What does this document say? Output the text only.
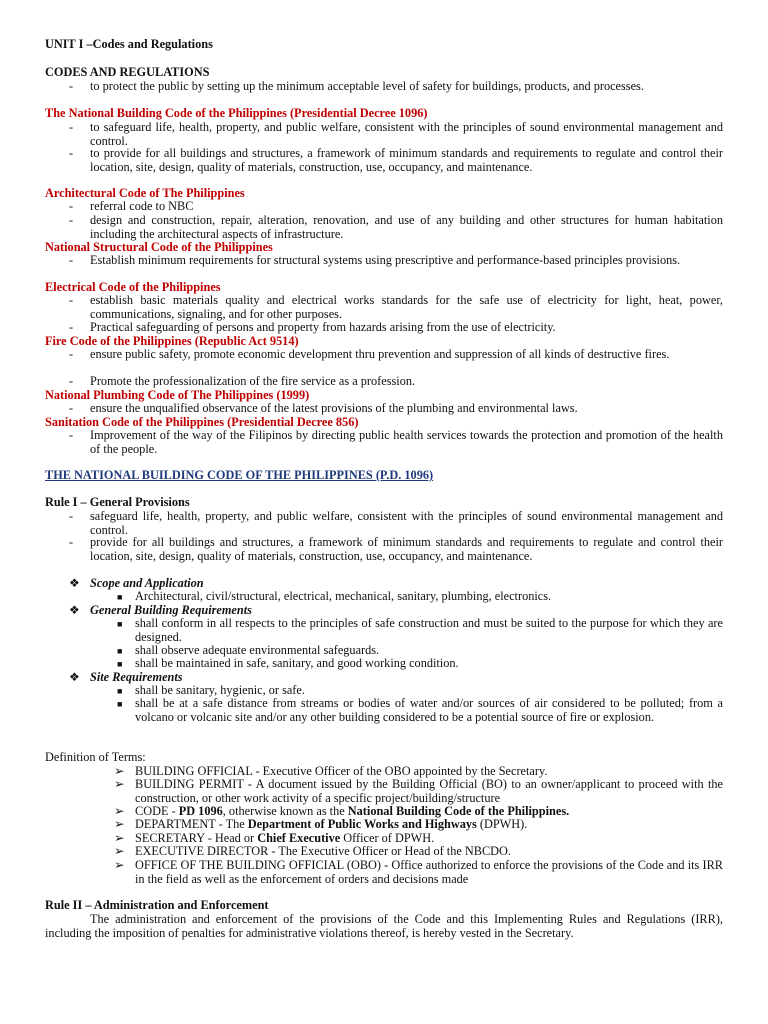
UNIT I –Codes and Regulations
CODES AND REGULATIONS
- to protect the public by setting up the minimum acceptable level of safety for buildings, products, and processes.
The National Building Code of the Philippines (Presidential Decree 1096)
- to safeguard life, health, property, and public welfare, consistent with the principles of sound environmental management and control.
- to provide for all buildings and structures, a framework of minimum standards and requirements to regulate and control their location, site, design, quality of materials, construction, use, occupancy, and maintenance.
Architectural Code of The Philippines
- referral code to NBC
- design and construction, repair, alteration, renovation, and use of any building and other structures for human habitation including the architectural aspects of infrastructure.
National Structural Code of the Philippines
- Establish minimum requirements for structural systems using prescriptive and performance-based principles provisions.
Electrical Code of the Philippines
- establish basic materials quality and electrical works standards for the safe use of electricity for light, heat, power, communications, signaling, and for other purposes.
- Practical safeguarding of persons and property from hazards arising from the use of electricity.
Fire Code of the Philippines (Republic Act 9514)
- ensure public safety, promote economic development thru prevention and suppression of all kinds of destructive fires.
- Promote the professionalization of the fire service as a profession.
National Plumbing Code of The Philippines (1999)
- ensure the unqualified observance of the latest provisions of the plumbing and environmental laws.
Sanitation Code of the Philippines (Presidential Decree 856)
- Improvement of the way of the Filipinos by directing public health services towards the protection and promotion of the health of the people.
THE NATIONAL BUILDING CODE OF THE PHILIPPINES (P.D. 1096)
Rule I – General Provisions
- safeguard life, health, property, and public welfare, consistent with the principles of sound environmental management and control.
- provide for all buildings and structures, a framework of minimum standards and requirements to regulate and control their location, site, design, quality of materials, construction, use, occupancy, and maintenance.
❖ Scope and Application
■ Architectural, civil/structural, electrical, mechanical, sanitary, plumbing, electronics.
❖ General Building Requirements
■ shall conform in all respects to the principles of safe construction and must be suited to the purpose for which they are designed.
■ shall observe adequate environmental safeguards.
■ shall be maintained in safe, sanitary, and good working condition.
❖ Site Requirements
■ shall be sanitary, hygienic, or safe.
■ shall be at a safe distance from streams or bodies of water and/or sources of air considered to be polluted; from a volcano or volcanic site and/or any other building considered to be a potential source of fire or explosion.
Definition of Terms:
➢ BUILDING OFFICIAL - Executive Officer of the OBO appointed by the Secretary.
➢ BUILDING PERMIT - A document issued by the Building Official (BO) to an owner/applicant to proceed with the construction, or other work activity of a specific project/building/structure
➢ CODE - PD 1096, otherwise known as the National Building Code of the Philippines.
➢ DEPARTMENT - The Department of Public Works and Highways (DPWH).
➢ SECRETARY - Head or Chief Executive Officer of DPWH.
➢ EXECUTIVE DIRECTOR - The Executive Officer or Head of the NBCDO.
➢ OFFICE OF THE BUILDING OFFICIAL (OBO) - Office authorized to enforce the provisions of the Code and its IRR in the field as well as the enforcement of orders and decisions made
Rule II – Administration and Enforcement
The administration and enforcement of the provisions of the Code and this Implementing Rules and Regulations (IRR), including the imposition of penalties for administrative violations thereof, is hereby vested in the Secretary.
